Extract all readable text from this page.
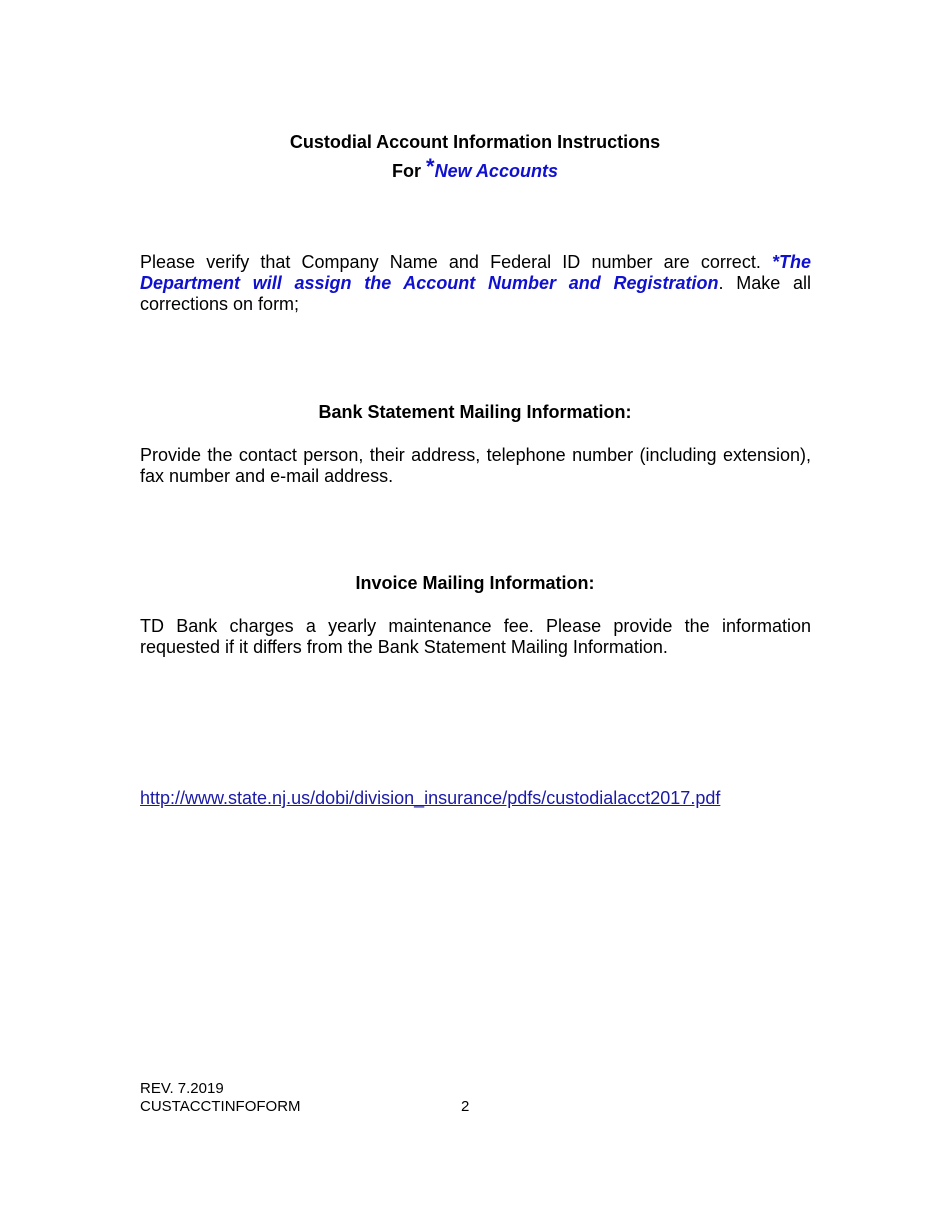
Custodial Account Information Instructions
For *New Accounts
Please verify that Company Name and Federal ID number are correct. *The Department will assign the Account Number and Registration. Make all corrections on form;
Bank Statement Mailing Information:
Provide the contact person, their address, telephone number (including extension), fax number and e-mail address.
Invoice Mailing Information:
TD Bank charges a yearly maintenance fee. Please provide the information requested if it differs from the Bank Statement Mailing Information.
http://www.state.nj.us/dobi/division_insurance/pdfs/custodialacct2017.pdf
REV. 7.2019
CUSTACCTINFOFORM	2
